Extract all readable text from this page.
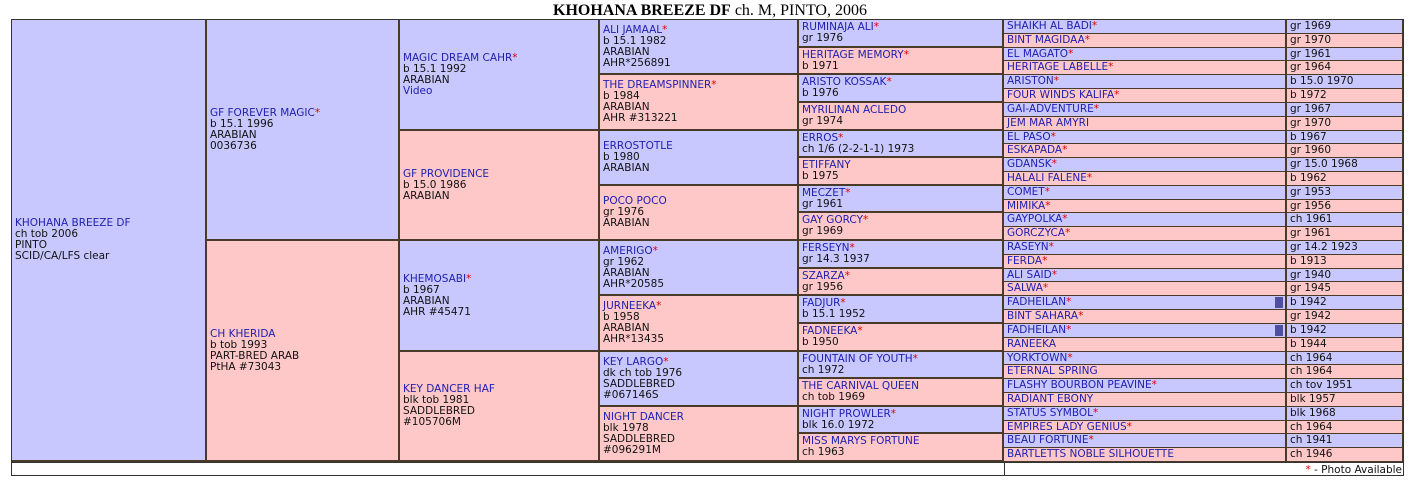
KHOHANA BREEZE DF ch. M, PINTO, 2006
KHOHANA BREEZE DF
ch tob 2006
PINTO
SCID/CA/LFS clear
GF FOREVER MAGIC*
b 15.1 1996
ARABIAN
0036736
CH KHERIDA
b tob 1993
PART-BRED ARAB
PtHA #73043
MAGIC DREAM CAHR*
b 15.1 1992
ARABIAN
Video
GF PROVIDENCE
b 15.0 1986
ARABIAN
KHEMOSABI*
b 1967
ARABIAN
AHR #45471
KEY DANCER HAF
blk tob 1981
SADDLEBRED
#105706M
ALI JAMAAL*
b 15.1 1982
ARABIAN
AHR*256891
THE DREAMSPINNER*
b 1984
ARABIAN
AHR #313221
ERROSTOTLE
b 1980
ARABIAN
POCO POCO
gr 1976
ARABIAN
AMERIGO*
gr 1962
ARABIAN
AHR*20585
JURNEEKA*
b 1958
ARABIAN
AHR*13435
KEY LARGO*
dk ch tob 1976
SADDLEBRED
#067146S
NIGHT DANCER
blk 1978
SADDLEBRED
#096291M
RUMINAJA ALI*
gr 1976
HERITAGE MEMORY*
b 1971
ARISTO KOSSAK*
b 1976
MYRILINAN ACLEDO
gr 1974
ERROS*
ch 1/6 (2-2-1-1) 1973
ETIFFANY
b 1975
MECZET*
gr 1961
GAY GORCY*
gr 1969
FERSEYN*
gr 14.3 1937
SZARZA*
gr 1956
FADJUR*
b 15.1 1952
FADNEEKA*
b 1950
FOUNTAIN OF YOUTH*
ch 1972
THE CARNIVAL QUEEN
ch tob 1969
NIGHT PROWLER*
blk 16.0 1972
MISS MARYS FORTUNE
ch 1963
SHAIKH AL BADI*	gr 1969
BINT MAGIDAA*	gr 1970
EL MAGATO*	gr 1961
HERITAGE LABELLE*	gr 1964
ARISTON*	b 15.0 1970
FOUR WINDS KALIFA*	b 1972
GAI-ADVENTURE*	gr 1967
JEM MAR AMYRI	gr 1970
EL PASO*	b 1967
ESKAPADA*	gr 1960
GDANSK*	gr 15.0 1968
HALALI FALENE*	b 1962
COMET*	gr 1953
MIMIKA*	gr 1956
GAYPOLKA*	ch 1961
GORCZYCA*	gr 1961
RASEYN*	gr 14.2 1923
FERDA*	b 1913
ALI SAID*	gr 1940
SALWA*	gr 1945
FADHEILAN*	b 1942
BINT SAHARA*	gr 1942
FADHEILAN*	b 1942
RANEEKA	b 1944
YORKTOWN*	ch 1964
ETERNAL SPRING	ch 1964
FLASHY BOURBON PEAVINE*	ch tov 1951
RADIANT EBONY	blk 1957
STATUS SYMBOL*	blk 1968
EMPIRES LADY GENIUS*	ch 1964
BEAU FORTUNE*	ch 1941
BARTLETTS NOBLE SILHOUETTE	ch 1946
* - Photo Available
